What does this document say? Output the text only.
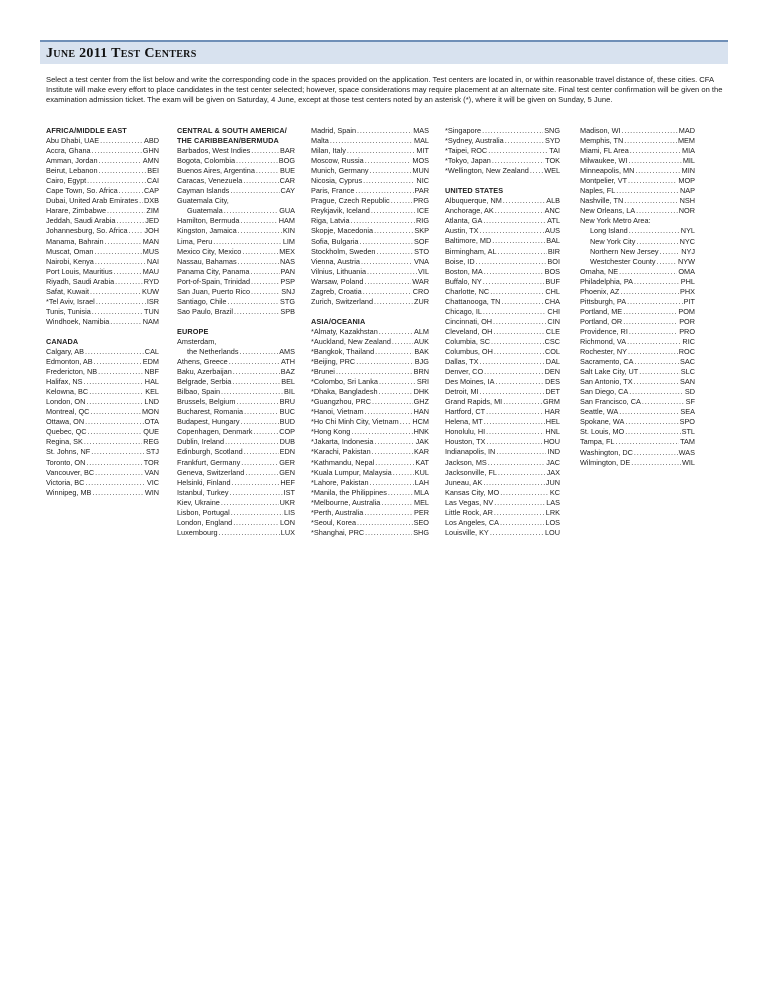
June 2011 Test Centers

Select a test center from the list below and write the corresponding code in the spaces provided on the application. Test centers are located in, or within reasonable travel distance of, these cities. CFA Institute will make every effort to place candidates in the test center selected; however, space considerations may require placement at an alternate site. Final test center confirmation will be given on the examination admission ticket. The exam will be given on Saturday, 4 June, except at those test centers noted by an asterisk (*), where it will be given on Sunday, 5 June.

AFRICA/MIDDLE EAST
Abu Dhabi, UAE . . .	ABD
Accra, Ghana . . .	GHN
Amman, Jordan . . .	AMN
Beirut, Lebanon . . .	BEI
Cairo, Egypt . . .	CAI
Cape Town, So. Africa . . .	CAP
Dubai, United Arab Emirates . . . DXB
Harare, Zimbabwe . . .	ZIM
Jeddah, Saudi Arabia . . .	JED
Johannesburg, So. Africa . . . JOH
Manama, Bahrain . . .	MAN
Muscat, Oman . . .	MUS
Nairobi, Kenya . . .	NAI
Port Louis, Mauritius . . .	MAU
Riyadh, Saudi Arabia . . .	RYD
Safat, Kuwait . . .	KUW
*Tel Aviv, Israel . . .	ISR
Tunis, Tunisia . . .	TUN
Windhoek, Namibia . . .	NAM
CANADA
Calgary, AB . . .	CAL
Edmonton, AB . . .	EDM
Fredericton, NB . . .	NBF
Halifax, NS . . .	HAL
Kelowna, BC . . .	KEL
London, ON . . .	LND
Montreal, QC . . .	MON
Ottawa, ON . . .	OTA
Quebec, QC . . .	QUE
Regina, SK . . .	REG
St. Johns, NF . . .	STJ
Toronto, ON . . .	TOR
Vancouver, BC . . .	VAN
Victoria, BC . . .	VIC
Winnipeg, MB . . .	WIN
CENTRAL & SOUTH AMERICA/ THE CARIBBEAN/BERMUDA
Barbados, West Indies . . .	BAR
Bogota, Colombia . . .	BOG
Buenos Aires, Argentina . . .	BUE
Caracas, Venezuela . . .	CAR
Cayman Islands . . .	CAY
Guatemala City,
Guatemala . . .	GUA
Hamilton, Bermuda . . .	HAM
Kingston, Jamaica . . .	KIN
Lima, Peru . . .	LIM
Mexico City, Mexico . . .	MEX
Nassau, Bahamas . . .	NAS
Panama City, Panama . . .	PAN
Port-of-Spain, Trinidad . . .	PSP
San Juan, Puerto Rico . . .	SNJ
Santiago, Chile . . .	STG
Sao Paulo, Brazil . . .	SPB
EUROPE
Amsterdam,
the Netherlands . . .	AMS
Athens, Greece . . .	ATH
Baku, Azerbaijan . . .	BAZ
Belgrade, Serbia . . .	BEL
Bilbao, Spain . . .	BIL
Brussels, Belgium . . .	BRU
Bucharest, Romania . . .	BUC
Budapest, Hungary . . .	BUD
Copenhagen, Denmark . . .	COP
Dublin, Ireland . . .	DUB
Edinburgh, Scotland . . .	EDN
Frankfurt, Germany . . .	GER
Geneva, Switzerland . . .	GEN
Helsinki, Finland . . .	HEF
Istanbul, Turkey . . .	IST
Kiev, Ukraine . . .	UKR
Lisbon, Portugal . . .	LIS
London, England . . .	LON
Luxembourg . . .	LUX
Madrid, Spain . . .	MAS
Malta . . .	MAL
Milan, Italy . . .	MIT
Moscow, Russia . . .	MOS
Munich, Germany . . .	MUN
Nicosia, Cyprus . . .	NIC
Paris, France . . .	PAR
Prague, Czech Republic . . .	PRG
Reykjavik, Iceland . . .	ICE
Riga, Latvia . . .	RIG
Skopje, Macedonia . . .	SKP
Sofia, Bulgaria . . .	SOF
Stockholm, Sweden . . .	STO
Vienna, Austria . . .	VNA
Vilnius, Lithuania . . .	VIL
Warsaw, Poland . . .	WAR
Zagreb, Croatia . . .	CRO
Zurich, Switzerland . . .	ZUR
ASIA/OCEANIA
*Almaty, Kazakhstan . . .	ALM
*Auckland, New Zealand . . .	AUK
*Bangkok, Thailand . . .	BAK
*Beijing, PRC . . .	BJG
*Brunei . . .	BRN
*Colombo, Sri Lanka . . .	SRI
*Dhaka, Bangladesh . . .	DHK
*Guangzhou, PRC . . .	GHZ
*Hanoi, Vietnam . . .	HAN
*Ho Chi Minh City, Vietnam . . . HCM
*Hong Kong . . .	HNK
*Jakarta, Indonesia . . .	JAK
*Karachi, Pakistan . . .	KAR
*Kathmandu, Nepal . . .	KAT
*Kuala Lumpur, Malaysia . . .	KUL
*Lahore, Pakistan . . .	LAH
*Manila, the Philippines . . .	MLA
*Melbourne, Australia . . .	MEL
*Perth, Australia . . .	PER
*Seoul, Korea . . .	SEO
*Shanghai, PRC . . .	SHG
*Singapore . . .	SNG
*Sydney, Australia . . .	SYD
*Taipei, ROC . . .	TAI
*Tokyo, Japan . . .	TOK
*Wellington, New Zealand . . . WEL
UNITED STATES
Albuquerque, NM . . .	ALB
Anchorage, AK . . .	ANC
Atlanta, GA . . .	ATL
Austin, TX . . .	AUS
Baltimore, MD . . .	BAL
Birmingham, AL . . .	BIR
Boise, ID . . .	BOI
Boston, MA . . .	BOS
Buffalo, NY . . .	BUF
Charlotte, NC . . .	CHL
Chattanooga, TN . . .	CHA
Chicago, IL . . .	CHI
Cincinnati, OH . . .	CIN
Cleveland, OH . . .	CLE
Columbia, SC . . .	CSC
Columbus, OH . . .	COL
Dallas, TX . . .	DAL
Denver, CO . . .	DEN
Des Moines, IA . . .	DES
Detroit, MI . . .	DET
Grand Rapids, MI . . .	GRM
Hartford, CT . . .	HAR
Helena, MT . . .	HEL
Honolulu, HI . . .	HNL
Houston, TX . . .	HOU
Indianapolis, IN . . .	IND
Jackson, MS . . .	JAC
Jacksonville, FL . . .	JAX
Juneau, AK . . .	JUN
Kansas City, MO . . .	KC
Las Vegas, NV . . .	LAS
Little Rock, AR . . .	LRK
Los Angeles, CA . . .	LOS
Louisville, KY . . .	LOU
Madison, WI . . .	MAD
Memphis, TN . . .	MEM
Miami, FL Area . . .	MIA
Milwaukee, WI . . .	MIL
Minneapolis, MN . . .	MIN
Montpelier, VT . . .	MOP
Naples, FL . . .	NAP
Nashville, TN . . .	NSH
New Orleans, LA . . .	NOR
New York Metro Area:
Long Island . . .	NYL
New York City . . .	NYC
Northern New Jersey . . .	NYJ
Westchester County . . .	NYW
Omaha, NE . . .	OMA
Philadelphia, PA . . .	PHL
Phoenix, AZ . . .	PHX
Pittsburgh, PA . . .	PIT
Portland, ME . . .	POM
Portland, OR . . .	POR
Providence, RI . . .	PRO
Richmond, VA . . .	RIC
Rochester, NY . . .	ROC
Sacramento, CA . . .	SAC
Salt Lake City, UT . . .	SLC
San Antonio, TX . . .	SAN
San Diego, CA . . .	SD
San Francisco, CA . . .	SF
Seattle, WA . . .	SEA
Spokane, WA . . .	SPO
St. Louis, MO . . .	STL
Tampa, FL . . .	TAM
Washington, DC . . .	WAS
Wilmington, DE . . .	WIL
